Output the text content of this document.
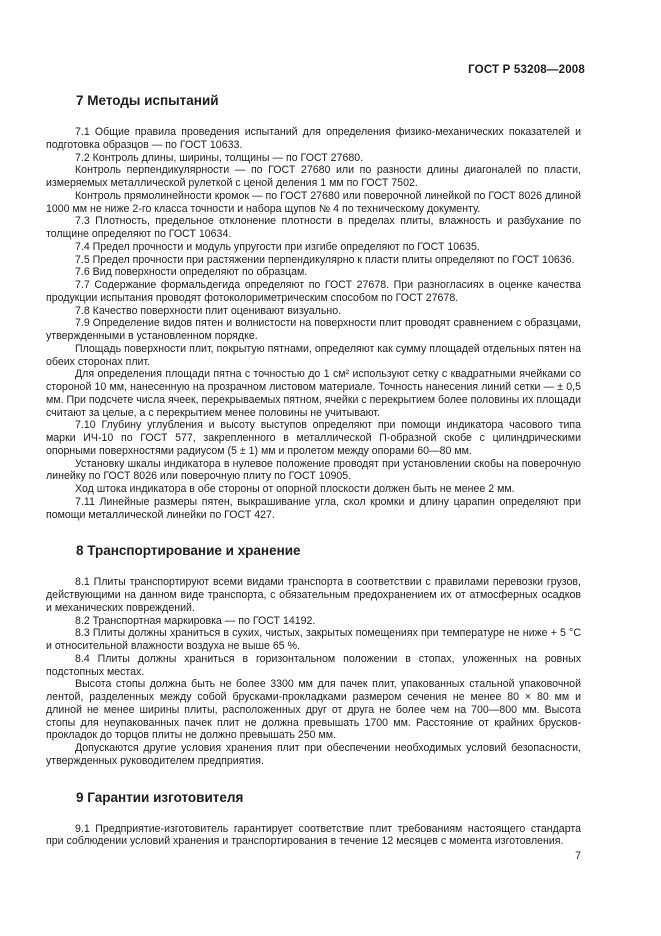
ГОСТ Р 53208—2008
7 Методы испытаний

7.1 Общие правила проведения испытаний для определения физико-механических показателей и подготовка образцов — по ГОСТ 10633.

7.2 Контроль длины, ширины, толщины — по ГОСТ 27680.

Контроль перпендикулярности — по ГОСТ 27680 или по разности длины диагоналей по пласти, измеряемых металлической рулеткой с ценой деления 1 мм по ГОСТ 7502.

Контроль прямолинейности кромок — по ГОСТ 27680 или поверочной линейкой по ГОСТ 8026 длиной 1000 мм не ниже 2-го класса точности и набора щупов № 4 по техническому документу.

7.3 Плотность, предельное отклонение плотности в пределах плиты, влажность и разбухание по толщине определяют по ГОСТ 10634.

7.4 Предел прочности и модуль упругости при изгибе определяют по ГОСТ 10635.

7.5 Предел прочности при растяжении перпендикулярно к пласти плиты определяют по ГОСТ 10636.

7.6 Вид поверхности определяют по образцам.

7.7 Содержание формальдегида определяют по ГОСТ 27678. При разногласиях в оценке качества продукции испытания проводят фотоколориметрическим способом по ГОСТ 27678.

7.8 Качество поверхности плит оценивают визуально.

7.9 Определение видов пятен и волнистости на поверхности плит проводят сравнением с образцами, утвержденными в установленном порядке.

Площадь поверхности плит, покрытую пятнами, определяют как сумму площадей отдельных пятен на обеих сторонах плит.

Для определения площади пятна с точностью до 1 см² используют сетку с квадратными ячейками со стороной 10 мм, нанесенную на прозрачном листовом материале. Точность нанесения линий сетки — ± 0,5 мм. При подсчете числа ячеек, перекрываемых пятном, ячейки с перекрытием более половины их площади считают за целые, а с перекрытием менее половины не учитывают.

7.10 Глубину углубления и высоту выступов определяют при помощи индикатора часового типа марки ИЧ-10 по ГОСТ 577, закрепленного в металлической П-образной скобе с цилиндрическими опорными поверхностями радиусом (5 ± 1) мм и пролетом между опорами 60—80 мм.

Установку шкалы индикатора в нулевое положение проводят при установлении скобы на поверочную линейку по ГОСТ 8026 или поверочную плиту по ГОСТ 10905.

Ход штока индикатора в обе стороны от опорной плоскости должен быть не менее 2 мм.

7.11 Линейные размеры пятен, выкрашивание угла, скол кромки и длину царапин определяют при помощи металлической линейки по ГОСТ 427.

8 Транспортирование и хранение

8.1 Плиты транспортируют всеми видами транспорта в соответствии с правилами перевозки грузов, действующими на данном виде транспорта, с обязательным предохранением их от атмосферных осадков и механических повреждений.

8.2 Транспортная маркировка — по ГОСТ 14192.

8.3 Плиты должны храниться в сухих, чистых, закрытых помещениях при температуре не ниже + 5 °С и относительной влажности воздуха не выше 65 %.

8.4 Плиты должны храниться в горизонтальном положении в стопах, уложенных на ровных подстопных местах.

Высота стопы должна быть не более 3300 мм для пачек плит, упакованных стальной упаковочной лентой, разделенных между собой брусками-прокладками размером сечения не менее 80 × 80 мм и длиной не менее ширины плиты, расположенных друг от друга не более чем на 700—800 мм. Высота стопы для неупакованных пачек плит не должна превышать 1700 мм. Расстояние от крайних брусков-прокладок до торцов плиты не должно превышать 250 мм.

Допускаются другие условия хранения плит при обеспечении необходимых условий безопасности, утвержденных руководителем предприятия.

9 Гарантии изготовителя

9.1 Предприятие-изготовитель гарантирует соответствие плит требованиям настоящего стандарта при соблюдении условий хранения и транспортирования в течение 12 месяцев с момента изготовления.

7
